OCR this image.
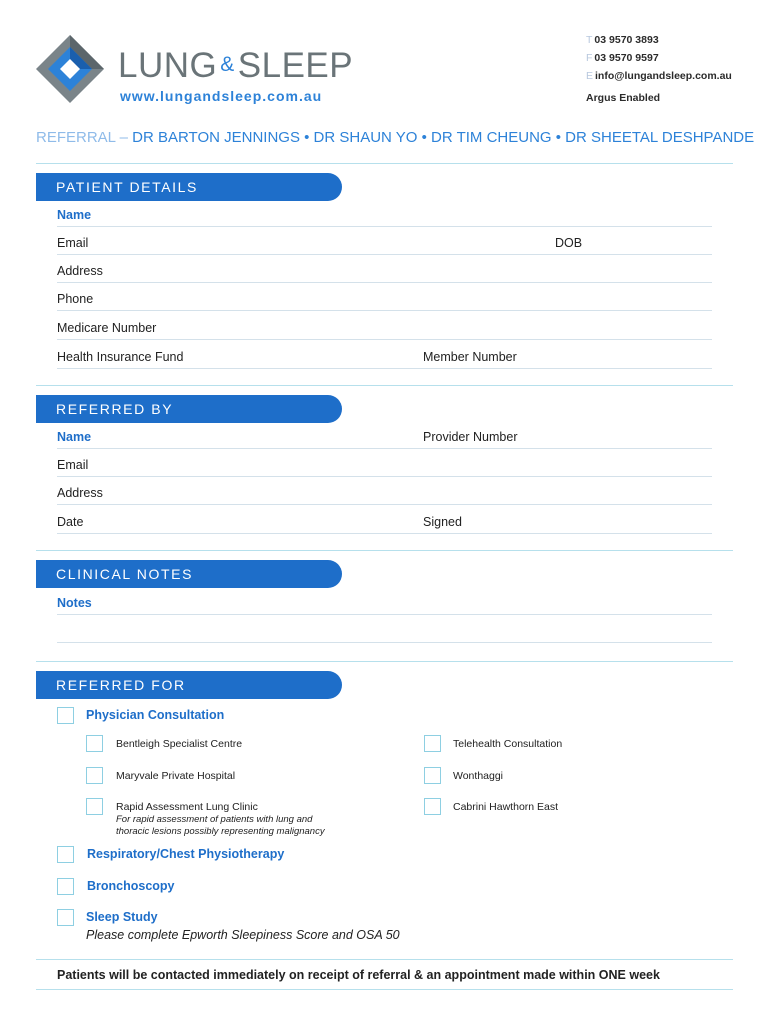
LUNG &SLEEP
www.lungandsleep.com.au
T 03 9570 3893
F 03 9570 9597
E info@lungandsleep.com.au
Argus Enabled
REFERRAL – DR BARTON JENNINGS • DR SHAUN YO • DR TIM CHEUNG • DR SHEETAL DESHPANDE
PATIENT DETAILS
Name
Email	DOB
Address
Phone
Medicare Number
Health Insurance Fund	Member Number
REFERRED BY
Name	Provider Number
Email
Address
Date	Signed
CLINICAL NOTES
Notes
REFERRED FOR
Physician Consultation
Bentleigh Specialist Centre	Telehealth Consultation
Maryvale Private Hospital	Wonthaggi
Rapid Assessment Lung Clinic
For rapid assessment of patients with lung and
thoracic lesions possibly representing malignancy
Cabrini Hawthorn East
Respiratory/Chest Physiotherapy
Bronchoscopy
Sleep Study
Please complete Epworth Sleepiness Score and OSA 50
Patients will be contacted immediately on receipt of referral & an appointment made within ONE week
